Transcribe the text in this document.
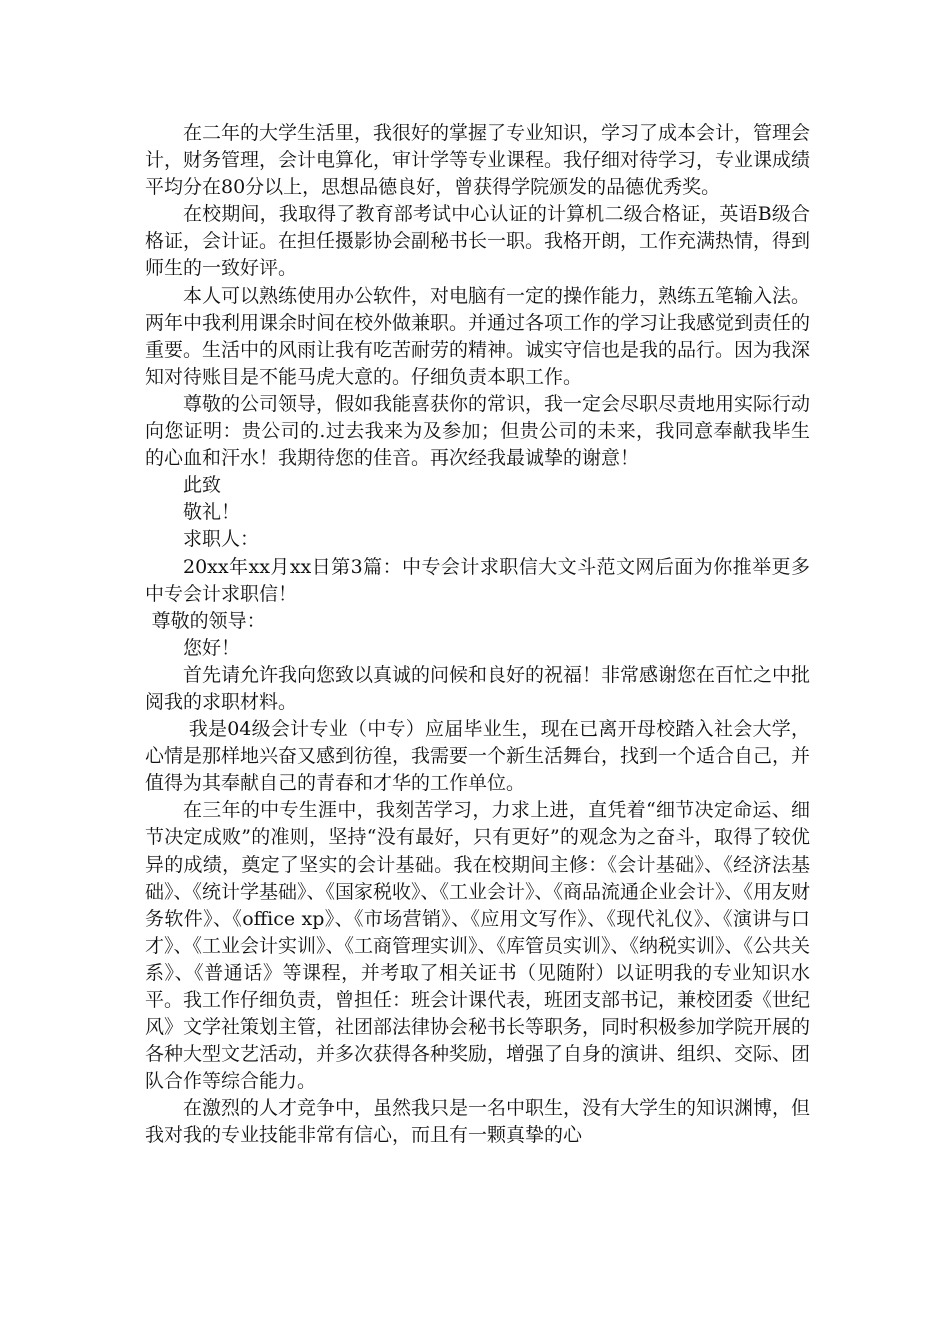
在二年的大学生活里，我很好的掌握了专业知识，学习了成本会计，管理会计，财务管理，会计电算化，审计学等专业课程。我仔细对待学习，专业课成绩平均分在80分以上，思想品德良好，曾获得学院颁发的品德优秀奖。

在校期间，我取得了教育部考试中心认证的计算机二级合格证，英语B级合格证，会计证。在担任摄影协会副秘书长一职。我格开朗，工作充满热情，得到师生的一致好评。

本人可以熟练使用办公软件，对电脑有一定的操作能力，熟练五笔输入法。两年中我利用课余时间在校外做兼职。并通过各项工作的学习让我感觉到责任的重要。生活中的风雨让我有吃苦耐劳的精神。诚实守信也是我的品行。因为我深知对待账目是不能马虎大意的。仔细负责本职工作。

尊敬的公司领导，假如我能喜获你的常识，我一定会尽职尽责地用实际行动向您证明：贵公司的.过去我来为及参加；但贵公司的未来，我同意奉献我毕生的心血和汗水！我期待您的佳音。再次经我最诚挚的谢意！

此致

敬礼！

求职人：

20xx年xx月xx日第3篇：中专会计求职信大文斗范文网后面为你推举更多中专会计求职信！

尊敬的领导：

您好！

首先请允许我向您致以真诚的问候和良好的祝福！非常感谢您在百忙之中批阅我的求职材料。

我是04级会计专业（中专）应届毕业生，现在已离开母校踏入社会大学，心情是那样地兴奋又感到彷徨，我需要一个新生活舞台，找到一个适合自己，并值得为其奉献自己的青春和才华的工作单位。

在三年的中专生涯中，我刻苦学习，力求上进，直凭着“细节决定命运、细节决定成败”的准则，坚持“没有最好，只有更好”的观念为之奋斗，取得了较优异的成绩，奠定了坚实的会计基础。我在校期间主修：《会计基础》、《经济法基础》、《统计学基础》、《国家税收》、《工业会计》、《商品流通企业会计》、《用友财务软件》、《office xp》、《市场营销》、《应用文写作》、《现代礼仪》、《演讲与口才》、《工业会计实训》、《工商管理实训》、《库管员实训》、《纳税实训》、《公共关系》、《普通话》等课程，并考取了相关证书（见随附）以证明我的专业知识水平。我工作仔细负责，曾担任：班会计课代表，班团支部书记，兼校团委《世纪风》文学社策划主管，社团部法律协会秘书长等职务，同时积极参加学院开展的各种大型文艺活动，并多次获得各种奖励，增强了自身的演讲、组织、交际、团队合作等综合能力。

在激烈的人才竞争中，虽然我只是一名中职生，没有大学生的知识渊博，但我对我的专业技能非常有信心，而且有一颗真挚的心
